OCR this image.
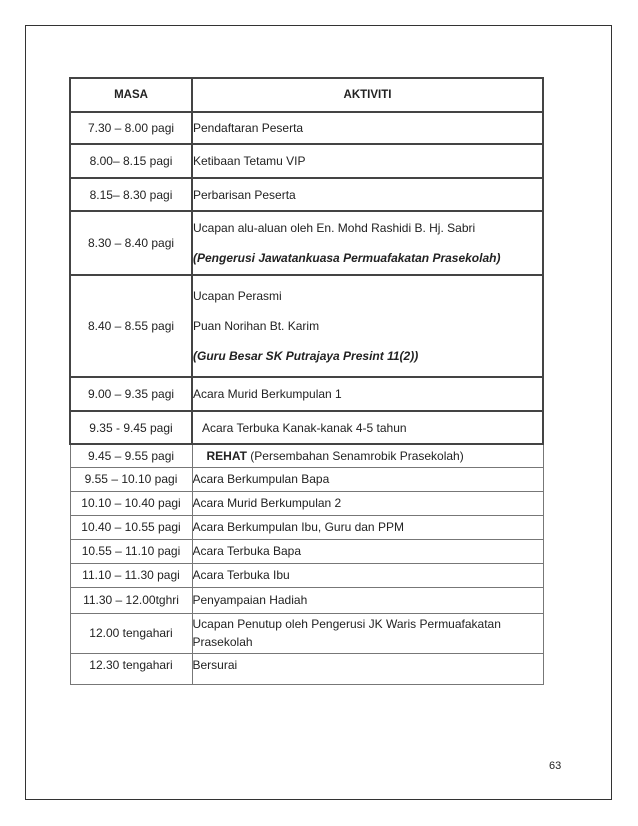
MASA	AKTIVITI
7.30 – 8.00 pagi	Pendaftaran Peserta
8.00– 8.15 pagi	Ketibaan Tetamu VIP
8.15– 8.30 pagi	Perbarisan Peserta
8.30 – 8.40 pagi	Ucapan alu-aluan oleh En. Mohd Rashidi B. Hj. Sabri
(Pengerusi Jawatankuasa Permuafakatan Prasekolah)

8.40 – 8.55 pagi	Ucapan Perasmi
Puan Norihan Bt. Karim
(Guru Besar SK Putrajaya Presint 11(2))

9.00 – 9.35 pagi	Acara Murid Berkumpulan 1
9.35 - 9.45 pagi	Acara Terbuka Kanak-kanak 4-5 tahun
9.45 – 9.55 pagi	REHAT (Persembahan Senamrobik Prasekolah)
9.55 – 10.10 pagi	Acara Berkumpulan Bapa
10.10 – 10.40 pagi	Acara Murid Berkumpulan 2
10.40 – 10.55 pagi	Acara Berkumpulan Ibu, Guru dan PPM
10.55 – 11.10 pagi	Acara Terbuka Bapa
11.10 – 11.30 pagi	Acara Terbuka Ibu
11.30 – 12.00tghri	Penyampaian Hadiah
12.00 tengahari	Ucapan Penutup oleh Pengerusi JK Waris Permuafakatan
Prasekolah

12.30 tengahari	Bersurai
63
